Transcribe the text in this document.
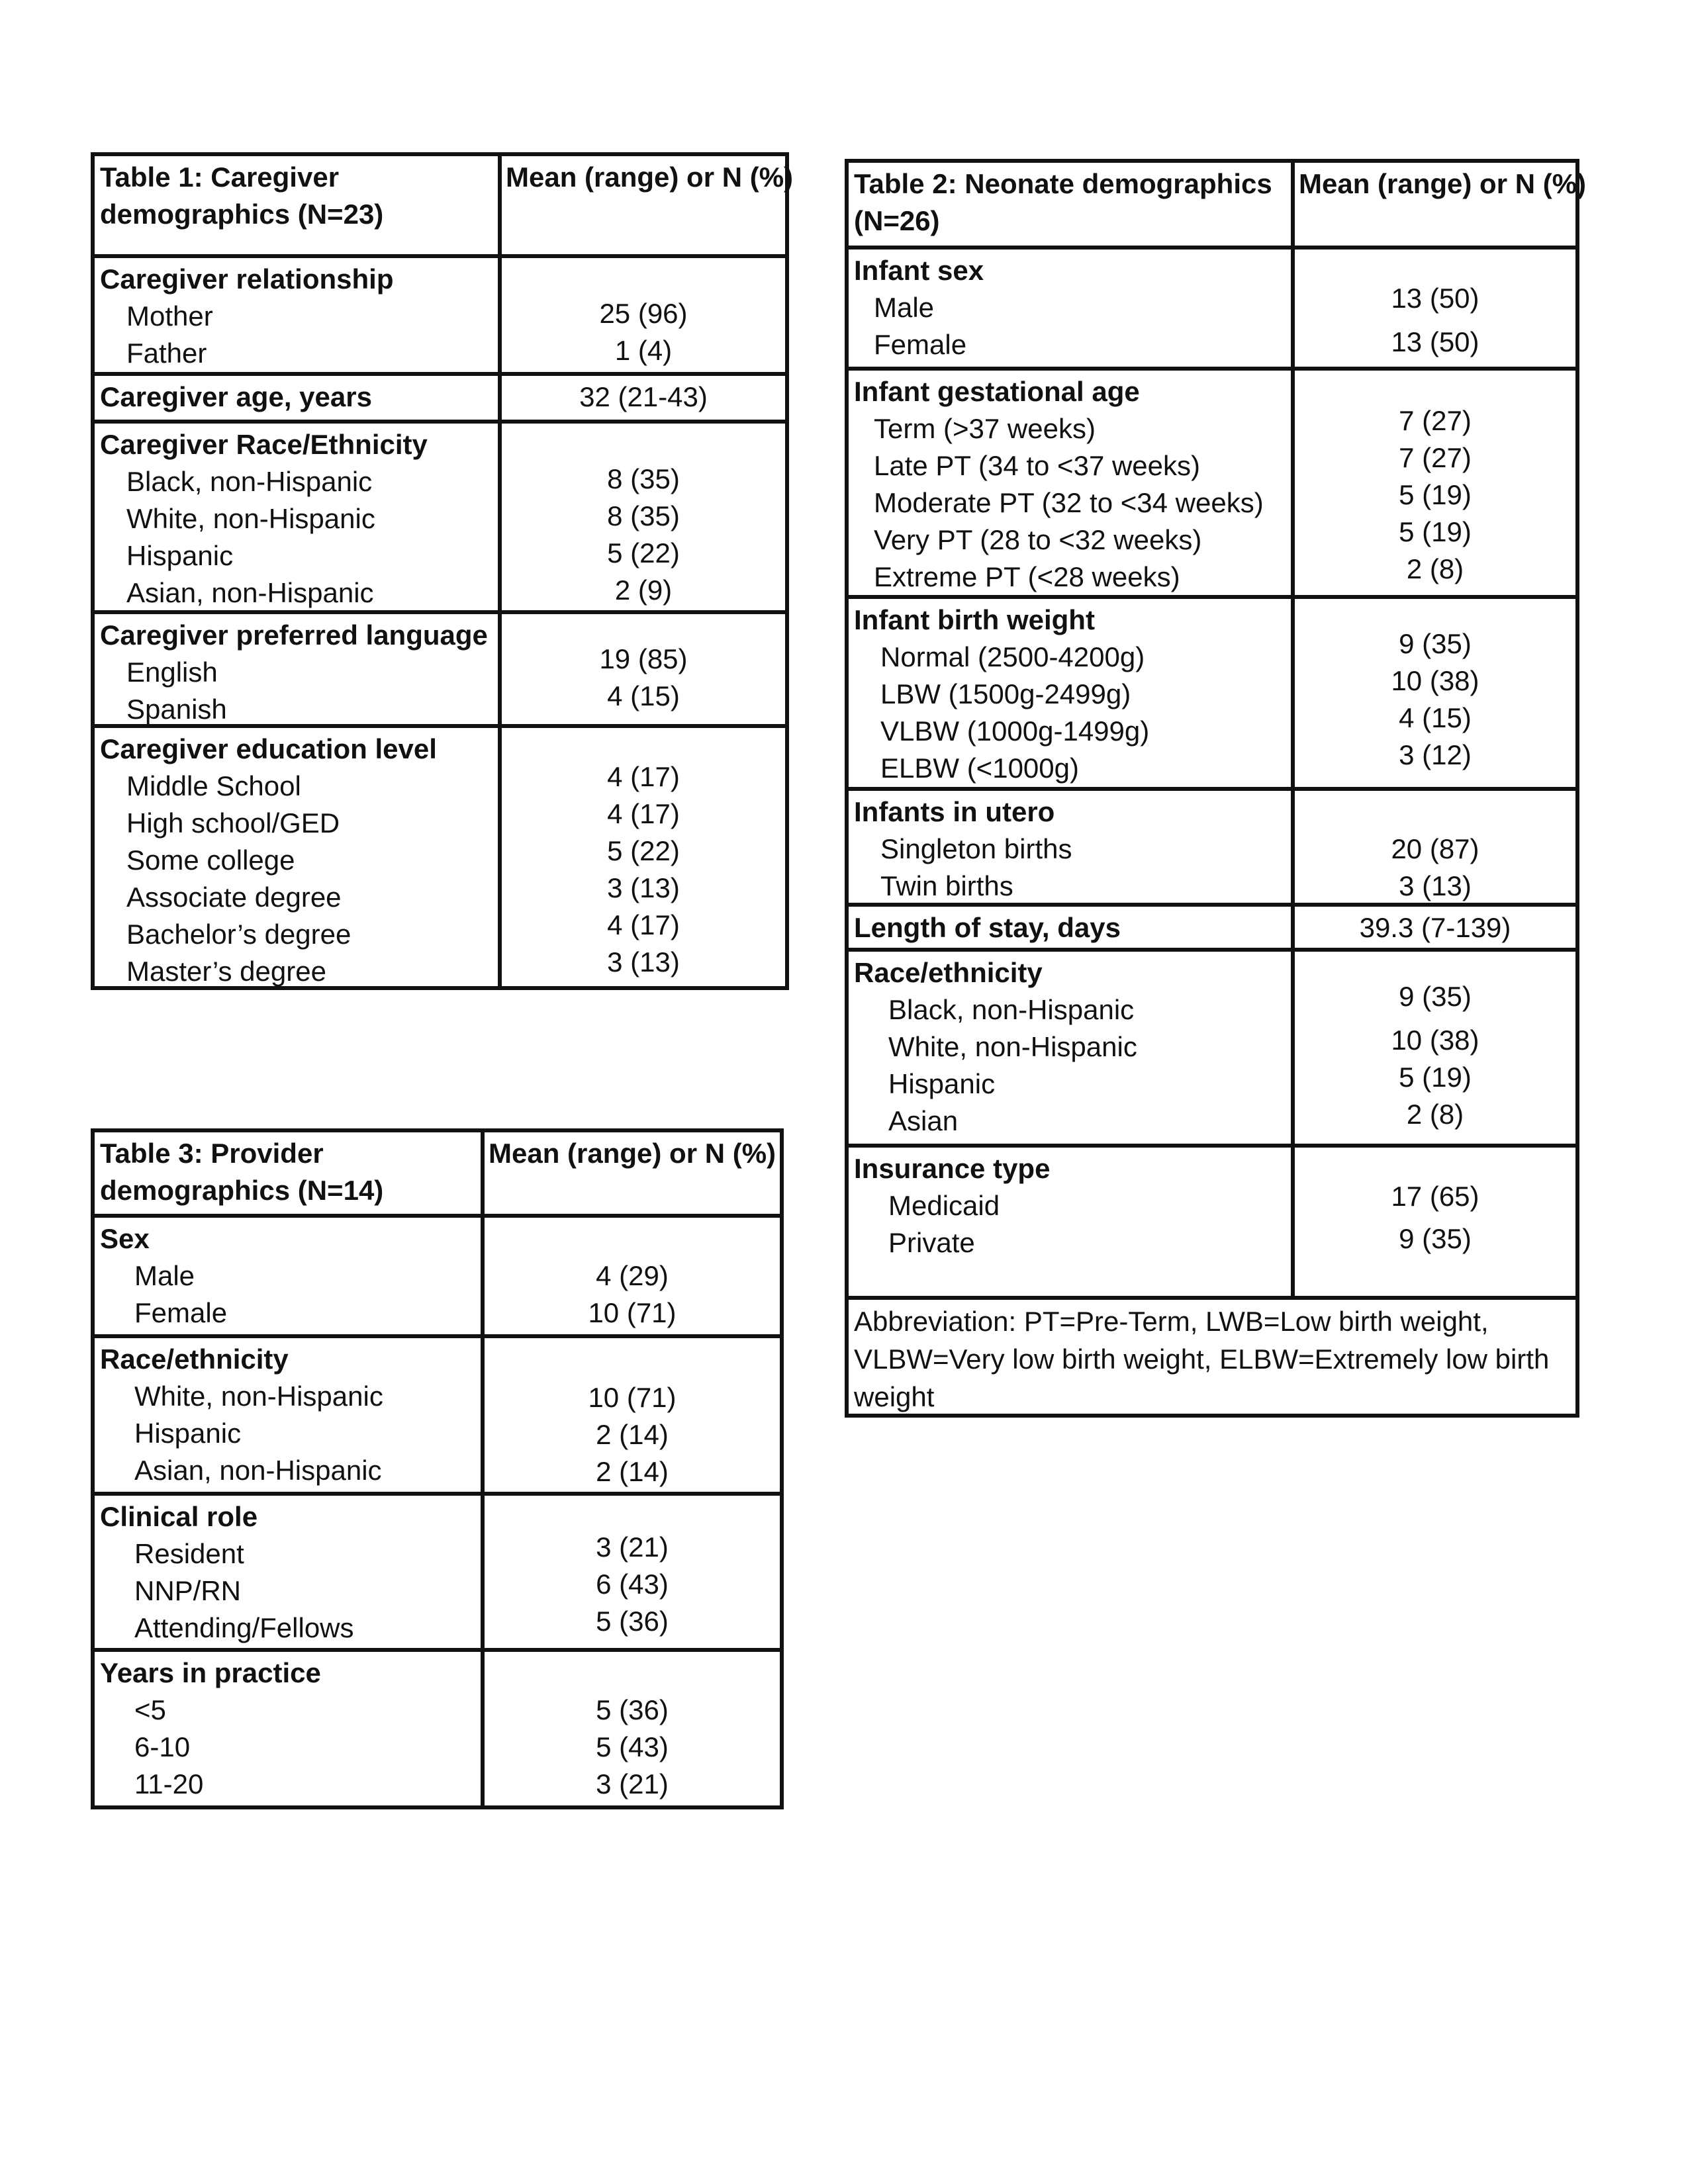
Table 1: Caregiver demographics (N=23)
Mean (range) or N (%)
Caregiver relationship
Mother
Father
25 (96)
1 (4)
Caregiver age, years	32 (21-43)
Caregiver Race/Ethnicity
Black, non-Hispanic
White, non-Hispanic
Hispanic
Asian, non-Hispanic
8 (35)
8 (35)
5 (22)
2 (9)
Caregiver preferred language
English
Spanish
19 (85)
4 (15)
Caregiver education level
Middle School
High school/GED
Some college
Associate degree
Bachelor’s degree
Master’s degree
4 (17)
4 (17)
5 (22)
3 (13)
4 (17)
3 (13)
Table 2: Neonate demographics (N=26)
Mean (range) or N (%)
Infant sex
Male
Female
13 (50)
13 (50)
Infant gestational age
Term (>37 weeks)
Late PT (34 to <37 weeks)
Moderate PT (32 to <34 weeks)
Very PT (28 to <32 weeks)
Extreme PT (<28 weeks)
7 (27)
7 (27)
5 (19)
5 (19)
2 (8)
Infant birth weight
Normal (2500-4200g)
LBW (1500g-2499g)
VLBW (1000g-1499g)
ELBW (<1000g)
9 (35)
10 (38)
4 (15)
3 (12)
Infants in utero
Singleton births
Twin births
20 (87)
3 (13)
Length of stay, days	39.3 (7-139)
Race/ethnicity
Black, non-Hispanic
White, non-Hispanic
Hispanic
Asian
9 (35)
10 (38)
5 (19)
2 (8)
Insurance type
Medicaid
Private
17 (65)
9 (35)
Abbreviation: PT=Pre-Term, LWB=Low birth weight, VLBW=Very low birth weight, ELBW=Extremely low birth weight
Table 3: Provider demographics (N=14)
Mean (range) or N (%)
Sex
Male
Female
4 (29)
10 (71)
Race/ethnicity
White, non-Hispanic
Hispanic
Asian, non-Hispanic
10 (71)
2 (14)
2 (14)
Clinical role
Resident
NNP/RN
Attending/Fellows
3 (21)
6 (43)
5 (36)
Years in practice
<5
6-10
11-20
5 (36)
5 (43)
3 (21)
